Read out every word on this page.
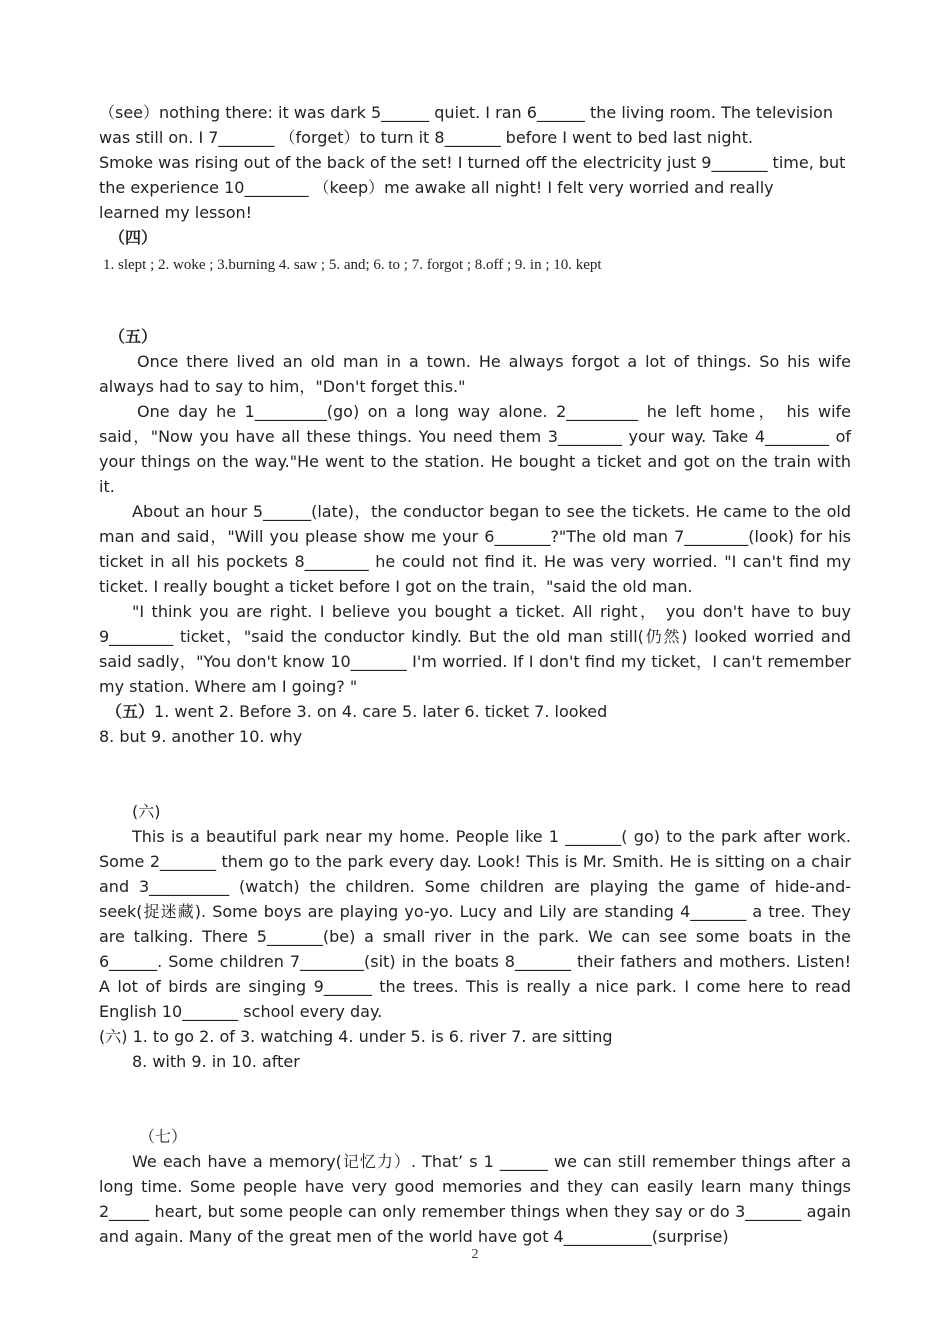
（see）nothing there: it was dark 5______ quiet. I ran 6______ the living room. The television

was still on. I 7_______ （forget）to turn it 8_______ before I went to bed last night.

Smoke was rising out of the back of the set! I turned off the electricity just 9_______ time, but

the experience 10________ （keep）me awake all night! I felt very worried and really

learned my lesson!

（四）

1. slept ; 2. woke ; 3.burning 4. saw ; 5. and; 6. to ; 7. forgot ; 8.off ; 9. in ; 10. kept

（五）

Once there lived an old man in a town. He always forgot a lot of things. So his wife always had to say to him，"Don't forget this."

One day he 1_________(go) on a long way alone. 2_________ he left home， his wife said，"Now you have all these things. You need them 3________ your way. Take 4________ of your things on the way."He went to the station. He bought a ticket and got on the train with it.

About an hour 5______(late)，the conductor began to see the tickets. He came to the old man and said，"Will you please show me your 6_______?"The old man 7________(look) for his ticket in all his pockets 8________ he could not find it. He was very worried. "I can't find my ticket. I really bought a ticket before I got on the train，"said the old man.

"I think you are right. I believe you bought a ticket. All right， you don't have to buy 9________ ticket，"said the conductor kindly. But the old man still(仍然) looked worried and said sadly，"You don't know 10_______ I'm worried. If I don't find my ticket，I can't remember my station. Where am I going? "

（五）1. went 2. Before 3. on 4. care 5. later 6. ticket 7. looked

8. but 9. another 10. why

(六)

This is a beautiful park near my home. People like 1 _______( go) to the park after work. Some 2_______ them go to the park every day. Look! This is Mr. Smith. He is sitting on a chair and 3__________ (watch) the children. Some children are playing the game of hide-and-seek(捉迷藏). Some boys are playing yo-yo. Lucy and Lily are standing 4_______ a tree. They are talking. There 5_______(be) a small river in the park. We can see some boats in the 6______. Some children 7________(sit) in the boats 8_______ their fathers and mothers. Listen! A lot of birds are singing 9______ the trees. This is really a nice park. I come here to read English 10_______ school every day.

(六) 1. to go 2. of 3. watching 4. under 5. is 6. river 7. are sitting

8. with 9. in 10. after

（七）

We each have a memory(记忆力）. That’ s 1 ______ we can still remember things after a long time. Some people have very good memories and they can easily learn many things 2_____ heart, but some people can only remember things when they say or do 3_______ again and again. Many of the great men of the world have got 4___________(surprise)

2
